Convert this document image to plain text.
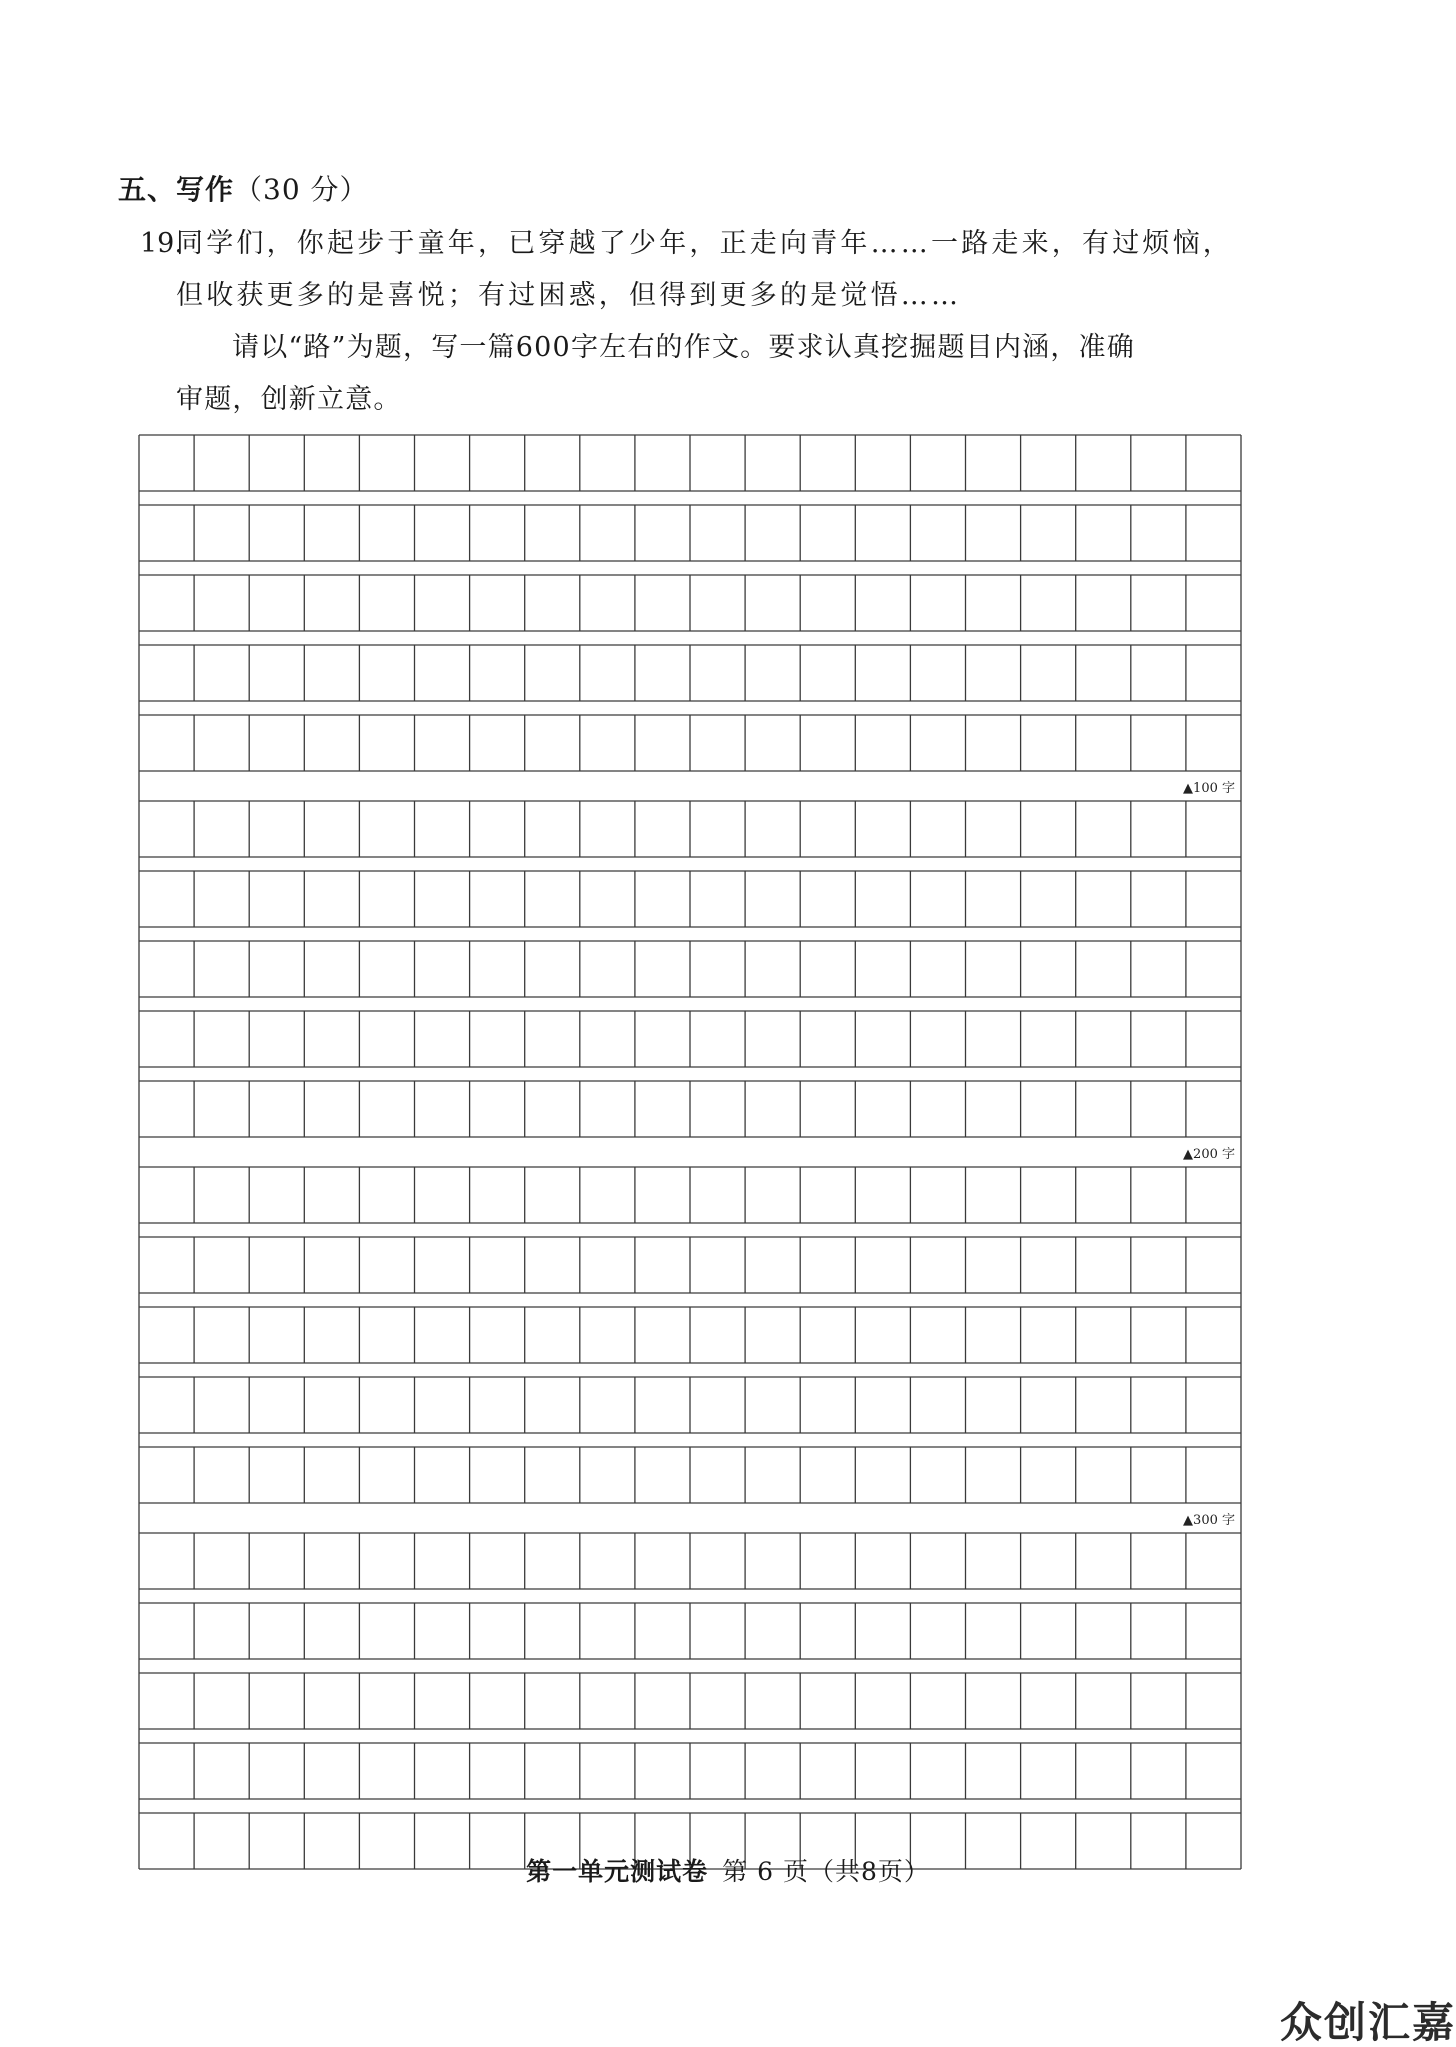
五、写作（30 分）
19.

同学们，你起步于童年，已穿越了少年，正走向青年……一路走来，有过烦恼，

但收获更多的是喜悦；有过困惑，但得到更多的是觉悟……

请以“路”为题，写一篇600字左右的作文。要求认真挖掘题目内涵，准确

审题，创新立意。

▲100 字
▲200 字
▲300 字
第一单元测试卷 第 6 页（共8页）
众创汇嘉
